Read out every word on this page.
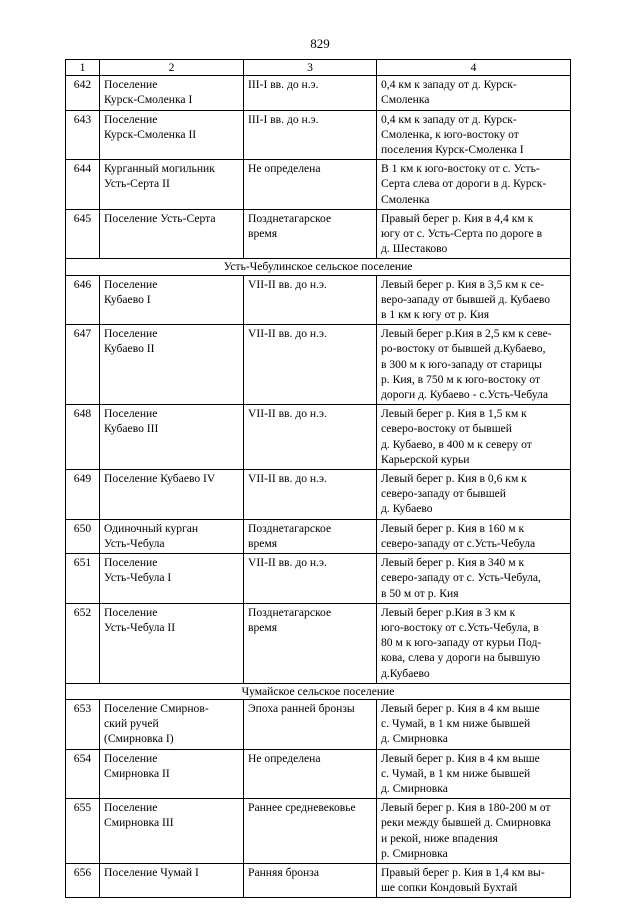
829
1	2	3	4
642	Поселение
Курск-Смоленка I	III-I вв. до н.э.	0,4 км к западу от д. Курск-
Смоленка

643	Поселение
Курск-Смоленка II	III-I вв. до н.э.	0,4 км к западу от д. Курск-
Смоленка, к юго-востоку от
поселения Курск-Смоленка I

644	Курганный могильник
Усть-Серта II	Не определена	В 1 км к юго-востоку от с. Усть-
Серта слева от дороги в д. Курск-
Смоленка

645	Поселение Усть-Серта	Позднетагарское
время	Правый берег р. Кия в 4,4 км к
югу от с. Усть-Серта по дороге в
д. Шестаково

Усть-Чебулинское сельское поселение			
646	Поселение
Кубаево I	VII-II вв. до н.э.	Левый берег р. Кия в 3,5 км к се-
веро-западу от бывшей д. Кубаево
в 1 км к югу от р. Кия

647	Поселение
Кубаево II	VII-II вв. до н.э.	Левый берег р.Кия в 2,5 км к севе-
ро-востоку от бывшей д.Кубаево,
в 300 м к юго-западу от старицы
р. Кия, в 750 м к юго-востоку от
дороги д. Кубаево - с.Усть-Чебула

648	Поселение
Кубаево III	VII-II вв. до н.э.	Левый берег р. Кия в 1,5 км к
северо-востоку от бывшей
д. Кубаево, в 400 м к северу от
Карьерской курьи

649	Поселение Кубаево IV	VII-II вв. до н.э.	Левый берег р. Кия в 0,6 км к
северо-западу от бывшей
д. Кубаево

650	Одиночный курган
Усть-Чебула	Позднетагарское
время	Левый берег р. Кия в 160 м к
северо-западу от с.Усть-Чебула

651	Поселение
Усть-Чебула I	VII-II вв. до н.э.	Левый берег р. Кия в 340 м к
северо-западу от с. Усть-Чебула,
в 50 м от р. Кия

652	Поселение
Усть-Чебула II	Позднетагарское
время	Левый берег р.Кия в 3 км к
юго-востоку от с.Усть-Чебула, в
80 м к юго-западу от курьи Под-
кова, слева у дороги на бывшую
д.Кубаево

Чумайское сельское поселение			
653	Поселение Смирнов-
ский ручей
(Смирновка I)	Эпоха ранней бронзы	Левый берег р. Кия в 4 км выше
с. Чумай, в 1 км ниже бывшей
д. Смирновка

654	Поселение
Смирновка II	Не определена	Левый берег р. Кия в 4 км выше
с. Чумай, в 1 км ниже бывшей
д. Смирновка

655	Поселение
Смирновка III	Раннее средневековье	Левый берег р. Кия в 180-200 м от
реки между бывшей д. Смирновка
и рекой, ниже впадения
р. Смирновка

656	Поселение Чумай I	Ранняя бронза	Правый берег р. Кия в 1,4 км вы-
ше сопки Кондовый Бухтай
